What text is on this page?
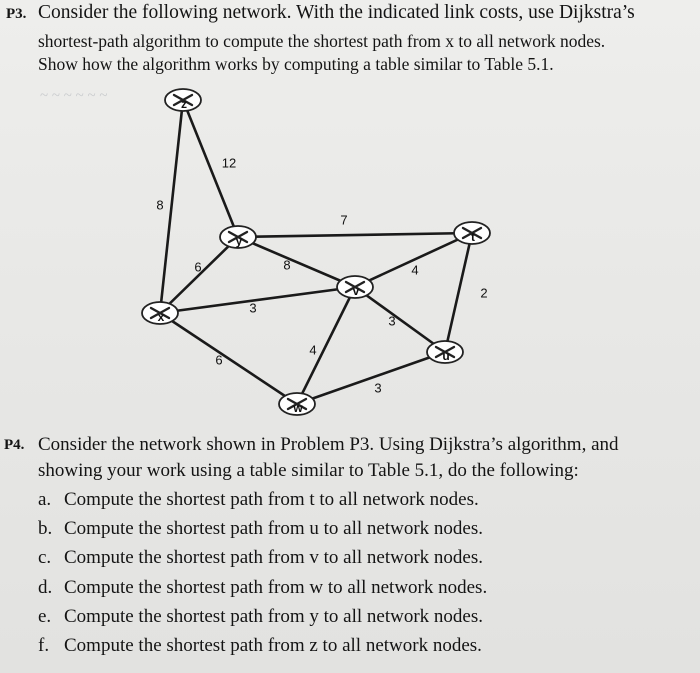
~ ~ ~ ~ ~ ~
P3. Consider the following network. With the indicated link costs, use Dijkstra’s
shortest-path algorithm to compute the shortest path from x to all network nodes.
Show how the algorithm works by computing a table similar to Table 5.1.
8
12
7
6	8	4
3
2
3
6
4
3
z
y	t
v
x
u
w
P4. Consider the network shown in Problem P3. Using Dijkstra’s algorithm, and
showing your work using a table similar to Table 5.1, do the following:
a. Compute the shortest path from t to all network nodes.
b. Compute the shortest path from u to all network nodes.
c. Compute the shortest path from v to all network nodes.
d. Compute the shortest path from w to all network nodes.
e. Compute the shortest path from y to all network nodes.
f. Compute the shortest path from z to all network nodes.
